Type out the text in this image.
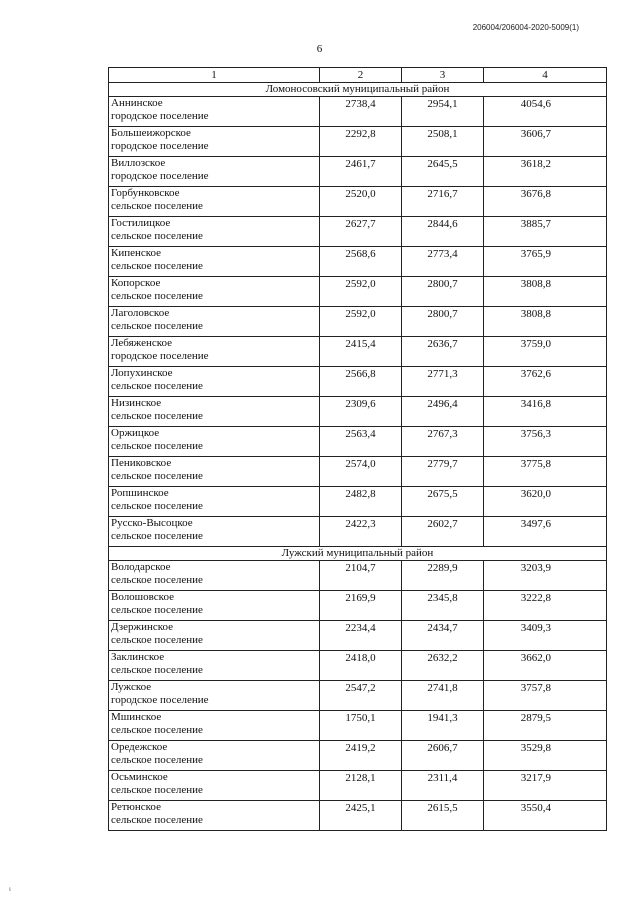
206004/206004-2020-5009(1)
6
1	2	3	4
Ломоносовский муниципальный район			
Аннинское
городское поселение	2738,4	2954,1	4054,6
Большеижорское
городское поселение	2292,8	2508,1	3606,7
Виллозское
городское поселение	2461,7	2645,5	3618,2
Горбунковское
сельское поселение	2520,0	2716,7	3676,8
Гостилицкое
сельское поселение	2627,7	2844,6	3885,7
Кипенское
сельское поселение	2568,6	2773,4	3765,9
Копорское
сельское поселение	2592,0	2800,7	3808,8
Лаголовское
сельское поселение	2592,0	2800,7	3808,8
Лебяженское
городское поселение	2415,4	2636,7	3759,0
Лопухинское
сельское поселение	2566,8	2771,3	3762,6
Низинское
сельское поселение	2309,6	2496,4	3416,8
Оржицкое
сельское поселение	2563,4	2767,3	3756,3
Пениковское
сельское поселение	2574,0	2779,7	3775,8
Ропшинское
сельское поселение	2482,8	2675,5	3620,0
Русско-Высоцкое
сельское поселение	2422,3	2602,7	3497,6
Лужский муниципальный район			
Володарское
сельское поселение	2104,7	2289,9	3203,9
Волошовское
сельское поселение	2169,9	2345,8	3222,8
Дзержинское
сельское поселение	2234,4	2434,7	3409,3
Заклинское
сельское поселение	2418,0	2632,2	3662,0
Лужское
городское поселение	2547,2	2741,8	3757,8
Мшинское
сельское поселение	1750,1	1941,3	2879,5
Оредежское
сельское поселение	2419,2	2606,7	3529,8
Осьминское
сельское поселение	2128,1	2311,4	3217,9
Ретюнское
сельское поселение	2425,1	2615,5	3550,4
ɩ
